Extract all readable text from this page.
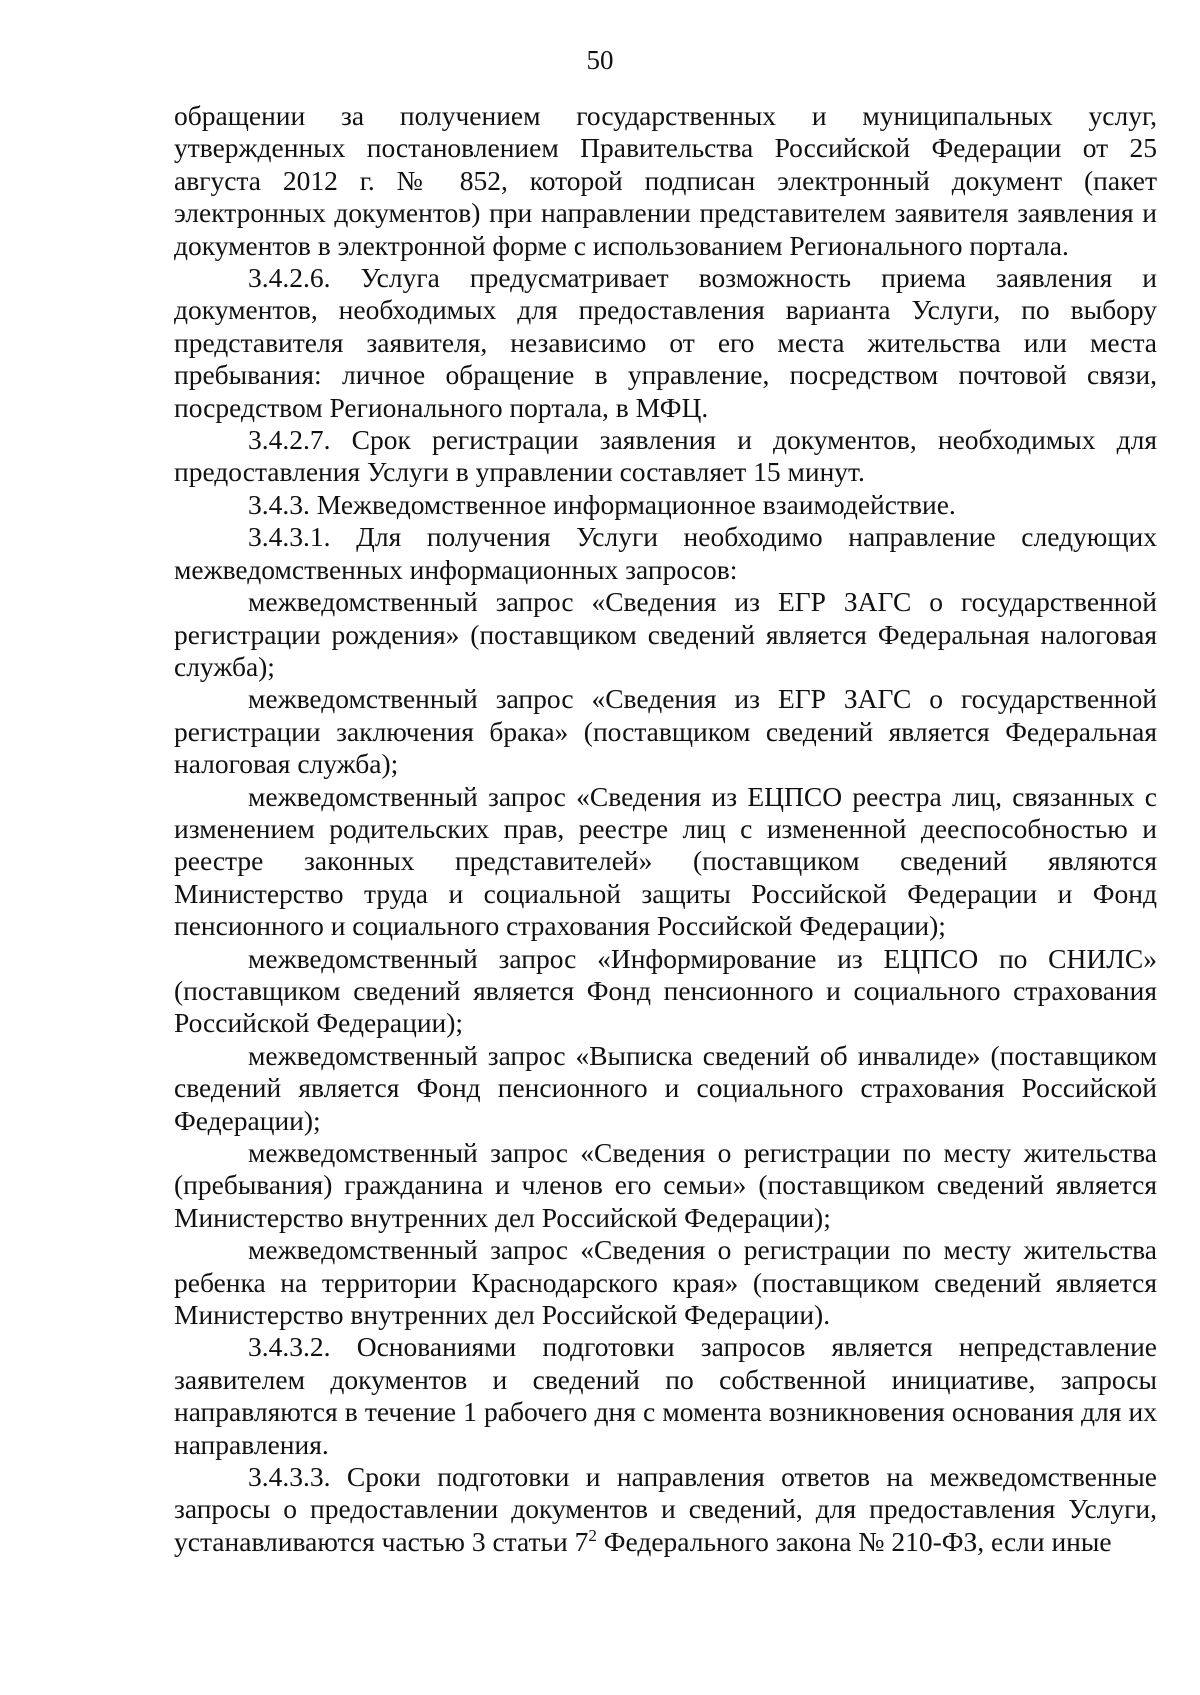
50

обращении за получением государственных и муниципальных услуг, утвержденных постановлением Правительства Российской Федерации от 25 августа 2012 г. № 852, которой подписан электронный документ (пакет электронных документов) при направлении представителем заявителя заявления и документов в электронной форме с использованием Регионального портала.

3.4.2.6. Услуга предусматривает возможность приема заявления и документов, необходимых для предоставления варианта Услуги, по выбору представителя заявителя, независимо от его места жительства или места пребывания: личное обращение в управление, посредством почтовой связи, посредством Регионального портала, в МФЦ.

3.4.2.7. Срок регистрации заявления и документов, необходимых для предоставления Услуги в управлении составляет 15 минут.

3.4.3. Межведомственное информационное взаимодействие.

3.4.3.1. Для получения Услуги необходимо направление следующих межведомственных информационных запросов:

межведомственный запрос «Сведения из ЕГР ЗАГС о государственной регистрации рождения» (поставщиком сведений является Федеральная налоговая служба);

межведомственный запрос «Сведения из ЕГР ЗАГС о государственной регистрации заключения брака» (поставщиком сведений является Федеральная налоговая служба);

межведомственный запрос «Сведения из ЕЦПСО реестра лиц, связанных с изменением родительских прав, реестре лиц с измененной дееспособностью и реестре законных представителей» (поставщиком сведений являются Министерство труда и социальной защиты Российской Федерации и Фонд пенсионного и социального страхования Российской Федерации);

межведомственный запрос «Информирование из ЕЦПСО по СНИЛС» (поставщиком сведений является Фонд пенсионного и социального страхования Российской Федерации);

межведомственный запрос «Выписка сведений об инвалиде» (поставщиком сведений является Фонд пенсионного и социального страхования Российской Федерации);

межведомственный запрос «Сведения о регистрации по месту жительства (пребывания) гражданина и членов его семьи» (поставщиком сведений является Министерство внутренних дел Российской Федерации);

межведомственный запрос «Сведения о регистрации по месту жительства ребенка на территории Краснодарского края» (поставщиком сведений является Министерство внутренних дел Российской Федерации).

3.4.3.2. Основаниями подготовки запросов является непредставление заявителем документов и сведений по собственной инициативе, запросы направляются в течение 1 рабочего дня с момента возникновения основания для их направления.

3.4.3.3. Сроки подготовки и направления ответов на межведомственные запросы о предоставлении документов и сведений, для предоставления Услуги, устанавливаются частью 3 статьи $7^2$ Федерального закона № 210-ФЗ, если иные
